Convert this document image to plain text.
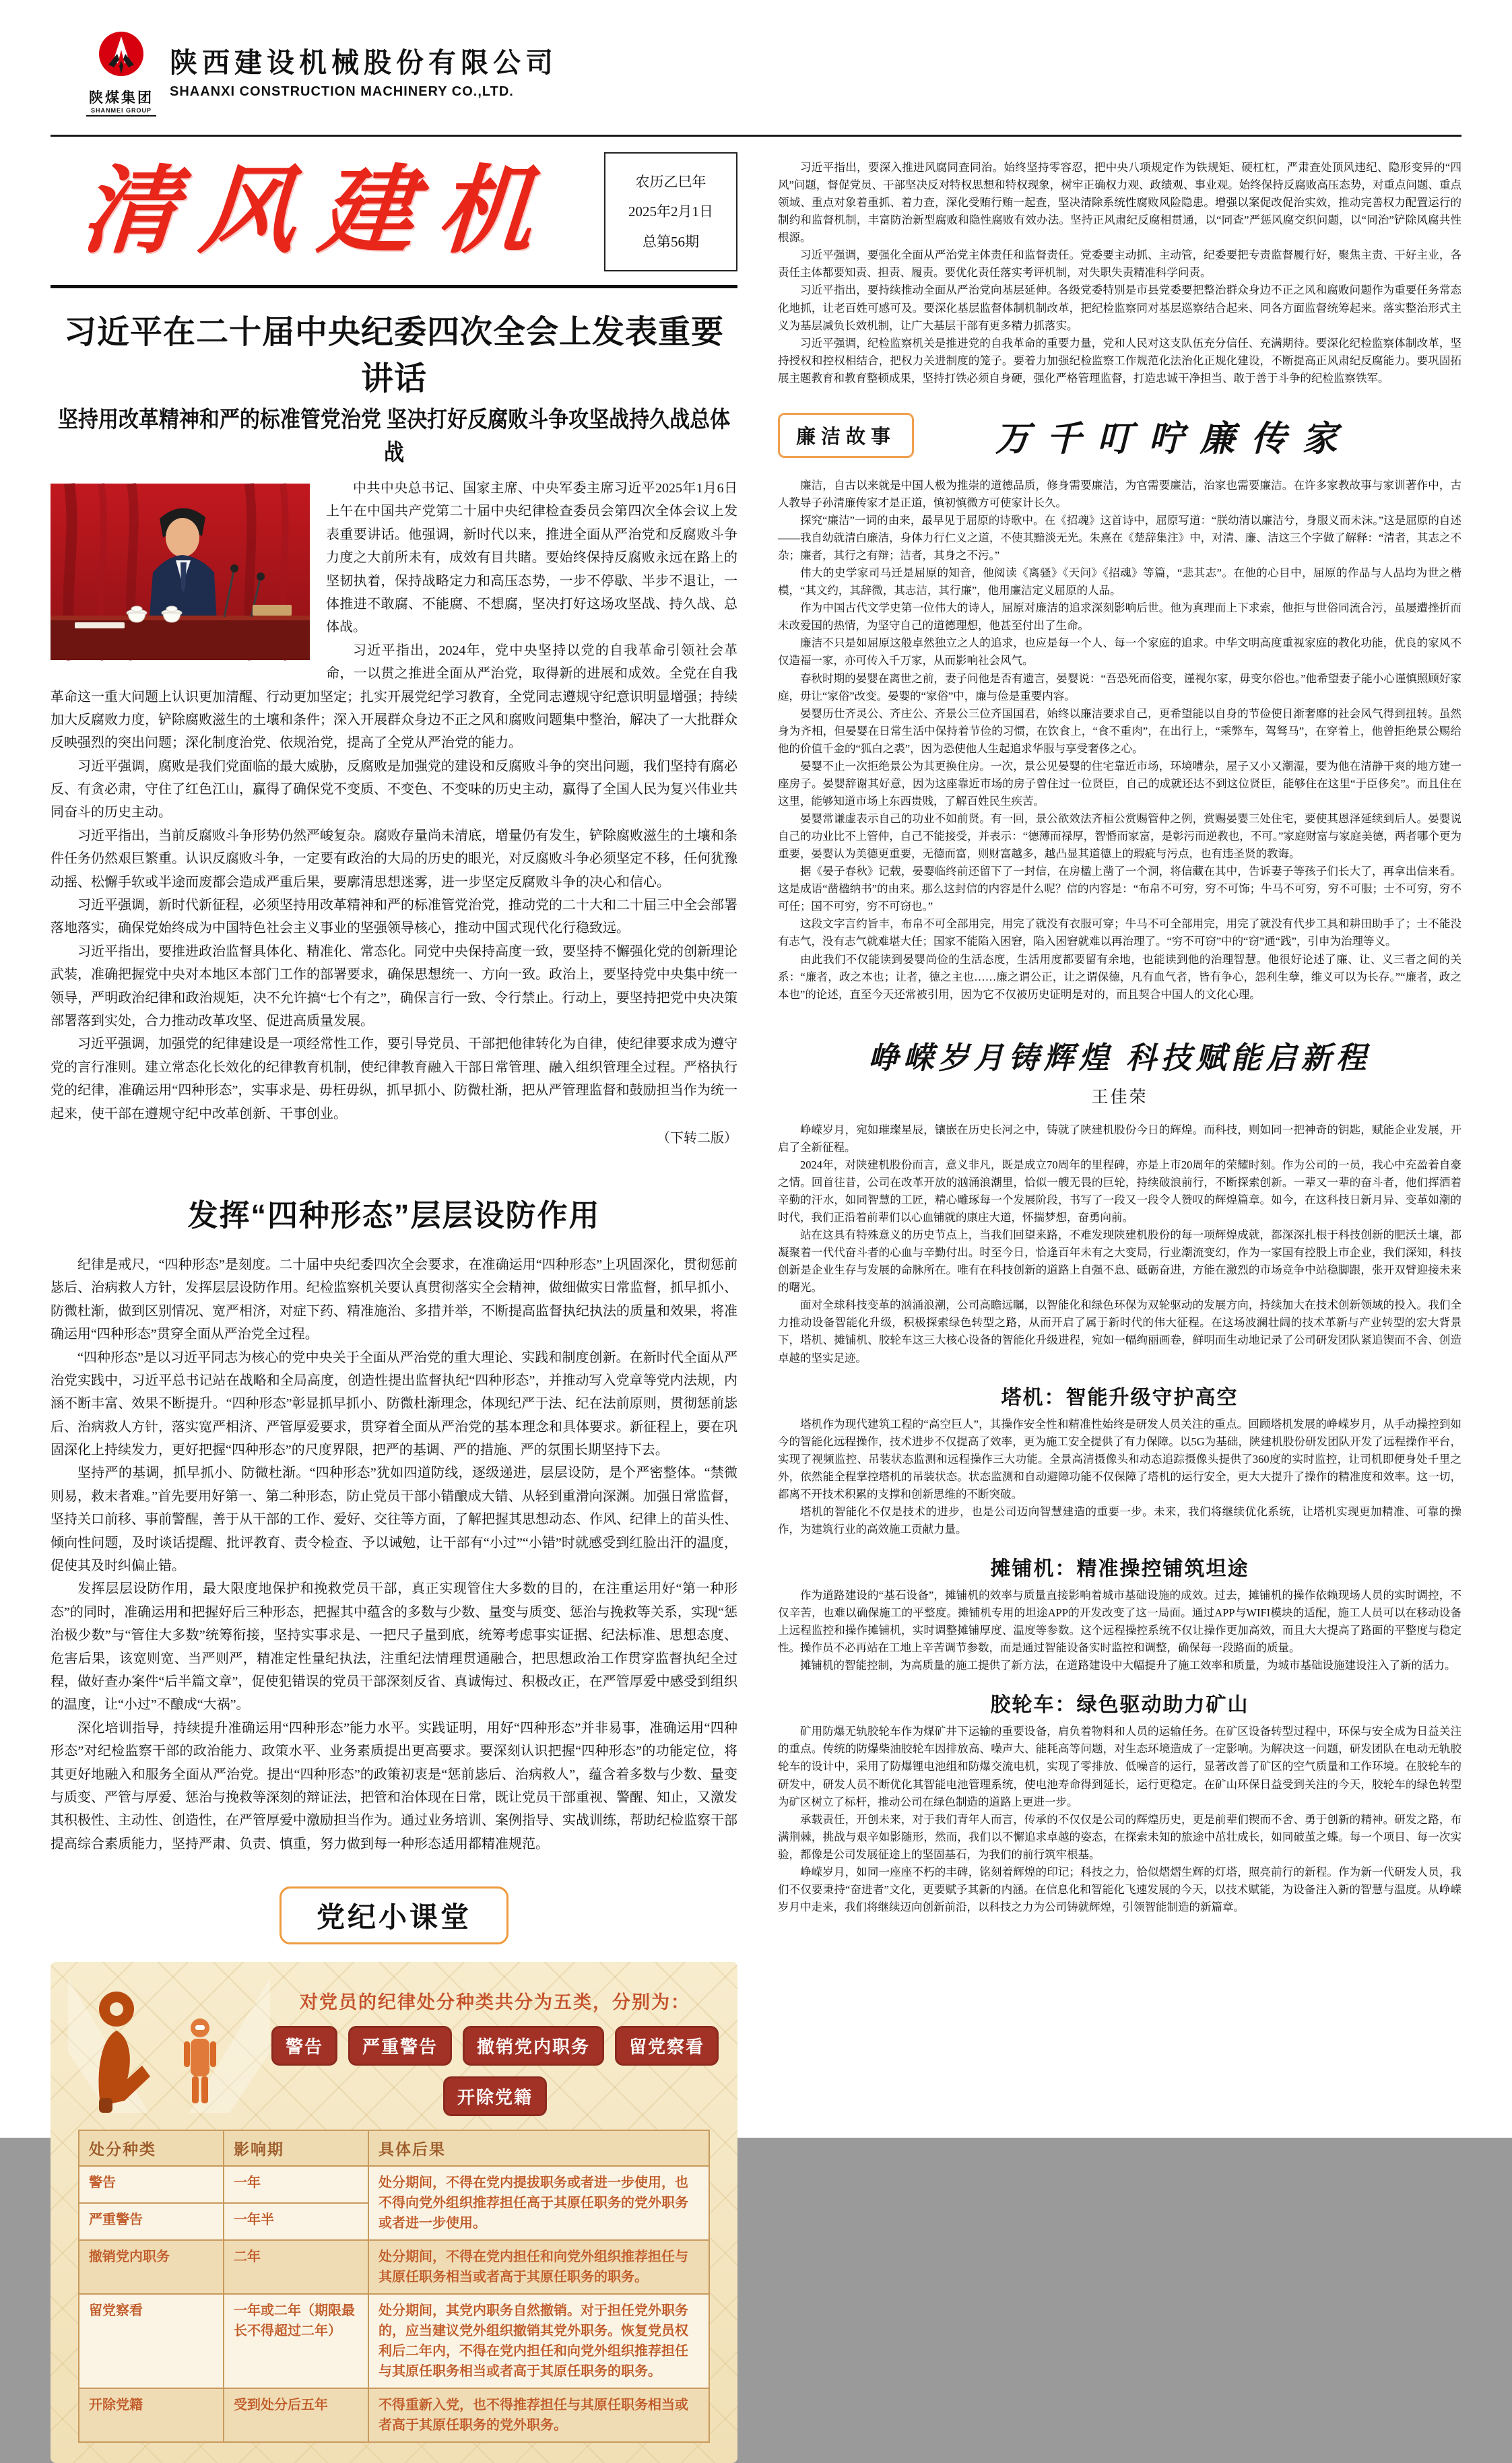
陕煤集团
SHANMEI GROUP
陕西建设机械股份有限公司
SHAANXI CONSTRUCTION MACHINERY CO.,LTD.
清风建机	农历乙巳年
2025年2月1日
总第56期
习近平在二十届中央纪委四次全会上发表重要讲话
坚持用改革精神和严的标准管党治党 坚决打好反腐败斗争攻坚战持久战总体战

中共中央总书记、国家主席、中央军委主席习近平2025年1月6日上午在中国共产党第二十届中央纪律检查委员会第四次全体会议上发表重要讲话。他强调，新时代以来，推进全面从严治党和反腐败斗争力度之大前所未有，成效有目共睹。要始终保持反腐败永远在路上的坚韧执着，保持战略定力和高压态势，一步不停歇、半步不退让，一体推进不敢腐、不能腐、不想腐，坚决打好这场攻坚战、持久战、总体战。

习近平指出，2024年，党中央坚持以党的自我革命引领社会革命，一以贯之推进全面从严治党，取得新的进展和成效。全党在自我革命这一重大问题上认识更加清醒、行动更加坚定；扎实开展党纪学习教育，全党同志遵规守纪意识明显增强；持续加大反腐败力度，铲除腐败滋生的土壤和条件；深入开展群众身边不正之风和腐败问题集中整治，解决了一大批群众反映强烈的突出问题；深化制度治党、依规治党，提高了全党从严治党的能力。

习近平强调，腐败是我们党面临的最大威胁，反腐败是加强党的建设和反腐败斗争的突出问题，我们坚持有腐必反、有贪必肃，守住了红色江山，赢得了确保党不变质、不变色、不变味的历史主动，赢得了全国人民为复兴伟业共同奋斗的历史主动。

习近平指出，当前反腐败斗争形势仍然严峻复杂。腐败存量尚未清底，增量仍有发生，铲除腐败滋生的土壤和条件任务仍然艰巨繁重。认识反腐败斗争，一定要有政治的大局的历史的眼光，对反腐败斗争必须坚定不移，任何犹豫动摇、松懈手软或半途而废都会造成严重后果，要廓清思想迷雾，进一步坚定反腐败斗争的决心和信心。

习近平强调，新时代新征程，必须坚持用改革精神和严的标准管党治党，推动党的二十大和二十届三中全会部署落地落实，确保党始终成为中国特色社会主义事业的坚强领导核心，推动中国式现代化行稳致远。

习近平指出，要推进政治监督具体化、精准化、常态化。同党中央保持高度一致，要坚持不懈强化党的创新理论武装，准确把握党中央对本地区本部门工作的部署要求，确保思想统一、方向一致。政治上，要坚持党中央集中统一领导，严明政治纪律和政治规矩，决不允许搞“七个有之”，确保言行一致、令行禁止。行动上，要坚持把党中央决策部署落到实处，合力推动改革攻坚、促进高质量发展。

习近平强调，加强党的纪律建设是一项经常性工作，要引导党员、干部把他律转化为自律，使纪律要求成为遵守党的言行准则。建立常态化长效化的纪律教育机制，使纪律教育融入干部日常管理、融入组织管理全过程。严格执行党的纪律，准确运用“四种形态”，实事求是、毋枉毋纵，抓早抓小、防微杜渐，把从严管理监督和鼓励担当作为统一起来，使干部在遵规守纪中改革创新、干事创业。

（下转二版）
发挥“四种形态”层层设防作用

纪律是戒尺，“四种形态”是刻度。二十届中央纪委四次全会要求，在准确运用“四种形态”上巩固深化，贯彻惩前毖后、治病救人方针，发挥层层设防作用。纪检监察机关要认真贯彻落实全会精神，做细做实日常监督，抓早抓小、防微杜渐，做到区别情况、宽严相济，对症下药、精准施治、多措并举，不断提高监督执纪执法的质量和效果，将准确运用“四种形态”贯穿全面从严治党全过程。

“四种形态”是以习近平同志为核心的党中央关于全面从严治党的重大理论、实践和制度创新。在新时代全面从严治党实践中，习近平总书记站在战略和全局高度，创造性提出监督执纪“四种形态”，并推动写入党章等党内法规，内涵不断丰富、效果不断提升。“四种形态”彰显抓早抓小、防微杜渐理念，体现纪严于法、纪在法前原则，贯彻惩前毖后、治病救人方针，落实宽严相济、严管厚爱要求，贯穿着全面从严治党的基本理念和具体要求。新征程上，要在巩固深化上持续发力，更好把握“四种形态”的尺度界限，把严的基调、严的措施、严的氛围长期坚持下去。

坚持严的基调，抓早抓小、防微杜渐。“四种形态”犹如四道防线，逐级递进，层层设防，是个严密整体。“禁微则易，救末者难。”首先要用好第一、第二种形态，防止党员干部小错酿成大错、从轻到重滑向深渊。加强日常监督，坚持关口前移、事前警醒，善于从干部的工作、爱好、交往等方面，了解把握其思想动态、作风、纪律上的苗头性、倾向性问题，及时谈话提醒、批评教育、责令检查、予以诫勉，让干部有“小过”“小错”时就感受到红脸出汗的温度，促使其及时纠偏止错。

发挥层层设防作用，最大限度地保护和挽救党员干部，真正实现管住大多数的目的，在注重运用好“第一种形态”的同时，准确运用和把握好后三种形态，把握其中蕴含的多数与少数、量变与质变、惩治与挽救等关系，实现“惩治极少数”与“管住大多数”统筹衔接，坚持实事求是、一把尺子量到底，统筹考虑事实证据、纪法标准、思想态度、危害后果，该宽则宽、当严则严，精准定性量纪执法，注重纪法情理贯通融合，把思想政治工作贯穿监督执纪全过程，做好查办案件“后半篇文章”，促使犯错误的党员干部深刻反省、真诚悔过、积极改正，在严管厚爱中感受到组织的温度，让“小过”不酿成“大祸”。

深化培训指导，持续提升准确运用“四种形态”能力水平。实践证明，用好“四种形态”并非易事，准确运用“四种形态”对纪检监察干部的政治能力、政策水平、业务素质提出更高要求。要深刻认识把握“四种形态”的功能定位，将其更好地融入和服务全面从严治党。提出“四种形态”的政策初衷是“惩前毖后、治病救人”，蕴含着多数与少数、量变与质变、严管与厚爱、惩治与挽救等深刻的辩证法，把管和治体现在日常，既让党员干部重视、警醒、知止，又激发其积极性、主动性、创造性，在严管厚爱中激励担当作为。通过业务培训、案例指导、实战训练，帮助纪检监察干部提高综合素质能力，坚持严肃、负责、慎重，努力做到每一种形态适用都精准规范。

党纪小课堂
对党员的纪律处分种类共分为五类，分别为：
警告	严重警告	撤销党内职务	留党察看
开除党籍
处分种类	影响期	具体后果
警告	一年	处分期间，不得在党内提拔职务或者进一步使用，也不得向党外组织推荐担任高于其原任职务的党外职务或者进一步使用。
严重警告	一年半	
撤销党内职务	二年	处分期间，不得在党内担任和向党外组织推荐担任与其原任职务相当或者高于其原任职务的职务。
留党察看	一年或二年（期限最长不得超过二年）	处分期间，其党内职务自然撤销。对于担任党外职务的，应当建议党外组织撤销其党外职务。恢复党员权利后二年内，不得在党内担任和向党外组织推荐担任与其原任职务相当或者高于其原任职务的职务。
开除党籍	受到处分后五年	不得重新入党，也不得推荐担任与其原任职务相当或者高于其原任职务的党外职务。

习近平指出，要深入推进风腐同查同治。始终坚持零容忍，把中央八项规定作为铁规矩、硬杠杠，严肃查处顶风违纪、隐形变异的“四风”问题，督促党员、干部坚决反对特权思想和特权现象，树牢正确权力观、政绩观、事业观。始终保持反腐败高压态势，对重点问题、重点领域、重点对象着重抓、着力查，深化受贿行贿一起查，坚决清除系统性腐败风险隐患。增强以案促改促治实效，推动完善权力配置运行的制约和监督机制，丰富防治新型腐败和隐性腐败有效办法。坚持正风肃纪反腐相贯通，以“同查”严惩风腐交织问题，以“同治”铲除风腐共性根源。

习近平强调，要强化全面从严治党主体责任和监督责任。党委要主动抓、主动管，纪委要把专责监督履行好，聚焦主责、干好主业，各责任主体都要知责、担责、履责。要优化责任落实考评机制，对失职失责精准科学问责。

习近平指出，要持续推动全面从严治党向基层延伸。各级党委特别是市县党委要把整治群众身边不正之风和腐败问题作为重要任务常态化地抓，让老百姓可感可及。要深化基层监督体制机制改革，把纪检监察同对基层巡察结合起来、同各方面监督统筹起来。落实整治形式主义为基层减负长效机制，让广大基层干部有更多精力抓落实。

习近平强调，纪检监察机关是推进党的自我革命的重要力量，党和人民对这支队伍充分信任、充满期待。要深化纪检监察体制改革，坚持授权和控权相结合，把权力关进制度的笼子。要着力加强纪检监察工作规范化法治化正规化建设，不断提高正风肃纪反腐能力。要巩固拓展主题教育和教育整顿成果，坚持打铁必须自身硬，强化严格管理监督，打造忠诚干净担当、敢于善于斗争的纪检监察铁军。

廉洁故事	万千叮咛廉传家

廉洁，自古以来就是中国人极为推崇的道德品质，修身需要廉洁，为官需要廉洁，治家也需要廉洁。在许多家教故事与家训著作中，古人教导子孙清廉传家才是正道，慎初慎微方可使家计长久。

探究“廉洁”一词的由来，最早见于屈原的诗歌中。在《招魂》这首诗中，屈原写道：“朕幼清以廉洁兮，身服义而未沫。”这是屈原的自述——我自幼就清白廉洁，身体力行仁义之道，不使其黯淡无光。朱熹在《楚辞集注》中，对清、廉、洁这三个字做了解释：“清者，其志之不杂；廉者，其行之有辩；洁者，其身之不污。”

伟大的史学家司马迁是屈原的知音，他阅读《离骚》《天问》《招魂》等篇，“悲其志”。在他的心目中，屈原的作品与人品均为世之楷模，“其文约，其辞微，其志洁，其行廉”，他用廉洁定义屈原的人品。

作为中国古代文学史第一位伟大的诗人，屈原对廉洁的追求深刻影响后世。他为真理而上下求索，他拒与世俗同流合污，虽屡遭挫折而未改爱国的热情，为坚守自己的道德理想，他甚至付出了生命。

廉洁不只是如屈原这般卓然独立之人的追求，也应是每一个人、每一个家庭的追求。中华文明高度重视家庭的教化功能，优良的家风不仅造福一家，亦可传入千万家，从而影响社会风气。

春秋时期的晏婴在离世之前，妻子问他是否有遗言，晏婴说：“吾恐死而俗变，谨视尔家，毋变尔俗也。”他希望妻子能小心谨慎照顾好家庭，毋让“家俗”改变。晏婴的“家俗”中，廉与俭是重要内容。

晏婴历仕齐灵公、齐庄公、齐景公三位齐国国君，始终以廉洁要求自己，更希望能以自身的节俭使日渐奢靡的社会风气得到扭转。虽然身为齐相，但晏婴在日常生活中保持着节俭的习惯，在饮食上，“食不重肉”，在出行上，“乘弊车，驾驽马”，在穿着上，他曾拒绝景公赐给他的价值千金的“狐白之裘”，因为恐使他人生起追求华服与享受奢侈之心。

晏婴不止一次拒绝景公为其更换住房。一次，景公见晏婴的住宅靠近市场，环境嘈杂，屋子又小又潮湿，要为他在清静干爽的地方建一座房子。晏婴辞谢其好意，因为这座靠近市场的房子曾住过一位贤臣，自己的成就还达不到这位贤臣，能够住在这里“于臣侈矣”。而且住在这里，能够知道市场上东西贵贱，了解百姓民生疾苦。

晏婴常谦虚表示自己的功业不如前贤。有一回，景公欲效法齐桓公赏赐管仲之例，赏赐晏婴三处住宅，要使其恩泽延续到后人。晏婴说自己的功业比不上管仲，自己不能接受，并表示：“德薄而禄厚，智惛而家富，是彰污而逆教也，不可。”家庭财富与家庭美德，两者哪个更为重要，晏婴认为美德更重要，无德而富，则财富越多，越凸显其道德上的瑕疵与污点，也有违圣贤的教诲。

据《晏子春秋》记载，晏婴临终前还留下了一封信，在房楹上凿了一个洞，将信藏在其中，告诉妻子等孩子们长大了，再拿出信来看。这是成语“凿楹纳书”的由来。那么这封信的内容是什么呢？信的内容是：“布帛不可穷，穷不可饰；牛马不可穷，穷不可服；士不可穷，穷不可任；国不可穷，穷不可窃也。”

这段文字言约旨丰，布帛不可全部用完，用完了就没有衣服可穿；牛马不可全部用完，用完了就没有代步工具和耕田助手了；士不能没有志气，没有志气就难堪大任；国家不能陷入困窘，陷入困窘就难以再治理了。“穷不可窃”中的“窃”通“践”，引申为治理等义。

由此我们不仅能读到晏婴尚俭的生活态度，生活用度都要留有余地，也能读到他的治理智慧。他很好论述了廉、让、义三者之间的关系：“廉者，政之本也；让者，德之主也……廉之谓公正，让之谓保德，凡有血气者，皆有争心，怨利生孽，维义可以为长存。”“廉者，政之本也”的论述，直至今天还常被引用，因为它不仅被历史证明是对的，而且契合中国人的文化心理。

峥嵘岁月铸辉煌 科技赋能启新程
王佳荣

峥嵘岁月，宛如璀璨星辰，镶嵌在历史长河之中，铸就了陕建机股份今日的辉煌。而科技，则如同一把神奇的钥匙，赋能企业发展，开启了全新征程。

2024年，对陕建机股份而言，意义非凡，既是成立70周年的里程碑，亦是上市20周年的荣耀时刻。作为公司的一员，我心中充盈着自豪之情。回首往昔，公司在改革开放的汹涌浪潮里，恰似一艘无畏的巨轮，持续破浪前行，不断探索创新。一辈又一辈的奋斗者，他们挥洒着辛勤的汗水，如同智慧的工匠，精心雕琢每一个发展阶段，书写了一段又一段令人赞叹的辉煌篇章。如今，在这科技日新月异、变革如潮的时代，我们正沿着前辈们以心血铺就的康庄大道，怀揣梦想，奋勇向前。

站在这具有特殊意义的历史节点上，当我们回望来路，不难发现陕建机股份的每一项辉煌成就，都深深扎根于科技创新的肥沃土壤，都凝聚着一代代奋斗者的心血与辛勤付出。时至今日，恰逢百年未有之大变局，行业潮流变幻，作为一家国有控股上市企业，我们深知，科技创新是企业生存与发展的命脉所在。唯有在科技创新的道路上自强不息、砥砺奋进，方能在激烈的市场竞争中站稳脚跟，张开双臂迎接未来的曙光。

面对全球科技变革的汹涌浪潮，公司高瞻远瞩，以智能化和绿色环保为双轮驱动的发展方向，持续加大在技术创新领域的投入。我们全力推动设备智能化升级，积极探索绿色转型之路，从而开启了属于新时代的伟大征程。在这场波澜壮阔的技术革新与产业转型的宏大背景下，塔机、摊铺机、胶轮车这三大核心设备的智能化升级进程，宛如一幅绚丽画卷，鲜明而生动地记录了公司研发团队紧追锲而不舍、创造卓越的坚实足迹。

塔机：智能升级守护高空

塔机作为现代建筑工程的“高空巨人”，其操作安全性和精准性始终是研发人员关注的重点。回顾塔机发展的峥嵘岁月，从手动操控到如今的智能化远程操作，技术进步不仅提高了效率，更为施工安全提供了有力保障。以5G为基础，陕建机股份研发团队开发了远程操作平台，实现了视频监控、吊装状态监测和远程操作三大功能。全景高清摄像头和动态追踪摄像头提供了360度的实时监控，让司机即便身处千里之外，依然能全程掌控塔机的吊装状态。状态监测和自动避障功能不仅保障了塔机的运行安全，更大大提升了操作的精准度和效率。这一切，都离不开技术积累的支撑和创新思维的不断突破。

塔机的智能化不仅是技术的进步，也是公司迈向智慧建造的重要一步。未来，我们将继续优化系统，让塔机实现更加精准、可靠的操作，为建筑行业的高效施工贡献力量。

摊铺机：精准操控铺筑坦途

作为道路建设的“基石设备”，摊铺机的效率与质量直接影响着城市基础设施的成效。过去，摊铺机的操作依赖现场人员的实时调控，不仅辛苦，也难以确保施工的平整度。摊铺机专用的坦途APP的开发改变了这一局面。通过APP与WIFI模块的适配，施工人员可以在移动设备上远程监控和操作摊铺机，实时调整摊铺厚度、温度等参数。这个远程操控系统不仅让操作更加高效，而且大大提高了路面的平整度与稳定性。操作员不必再站在工地上辛苦调节参数，而是通过智能设备实时监控和调整，确保每一段路面的质量。

摊铺机的智能控制，为高质量的施工提供了新方法，在道路建设中大幅提升了施工效率和质量，为城市基础设施建设注入了新的活力。

胶轮车：绿色驱动助力矿山

矿用防爆无轨胶轮车作为煤矿井下运输的重要设备，肩负着物料和人员的运输任务。在矿区设备转型过程中，环保与安全成为日益关注的重点。传统的防爆柴油胶轮车因排放高、噪声大、能耗高等问题，对生态环境造成了一定影响。为解决这一问题，研发团队在电动无轨胶轮车的设计中，采用了防爆锂电池组和防爆交流电机，实现了零排放、低噪音的运行，显著改善了矿区的空气质量和工作环境。在胶轮车的研发中，研发人员不断优化其智能电池管理系统，使电池寿命得到延长，运行更稳定。在矿山环保日益受到关注的今天，胶轮车的绿色转型为矿区树立了标杆，推动公司在绿色制造的道路上更进一步。

承载责任，开创未来，对于我们青年人而言，传承的不仅仅是公司的辉煌历史，更是前辈们锲而不舍、勇于创新的精神。研发之路，布满荆棘，挑战与艰辛如影随形，然而，我们以不懈追求卓越的姿态，在探索未知的旅途中茁壮成长，如同破茧之蝶。每一个项目、每一次实验，都像是公司发展征途上的坚固基石，为我们的前行筑牢根基。

峥嵘岁月，如同一座座不朽的丰碑，铭刻着辉煌的印记；科技之力，恰似熠熠生辉的灯塔，照亮前行的新程。作为新一代研发人员，我们不仅要秉持“奋进者”文化，更要赋予其新的内涵。在信息化和智能化飞速发展的今天，以技术赋能，为设备注入新的智慧与温度。从峥嵘岁月中走来，我们将继续迈向创新前沿，以科技之力为公司铸就辉煌，引领智能制造的新篇章。
